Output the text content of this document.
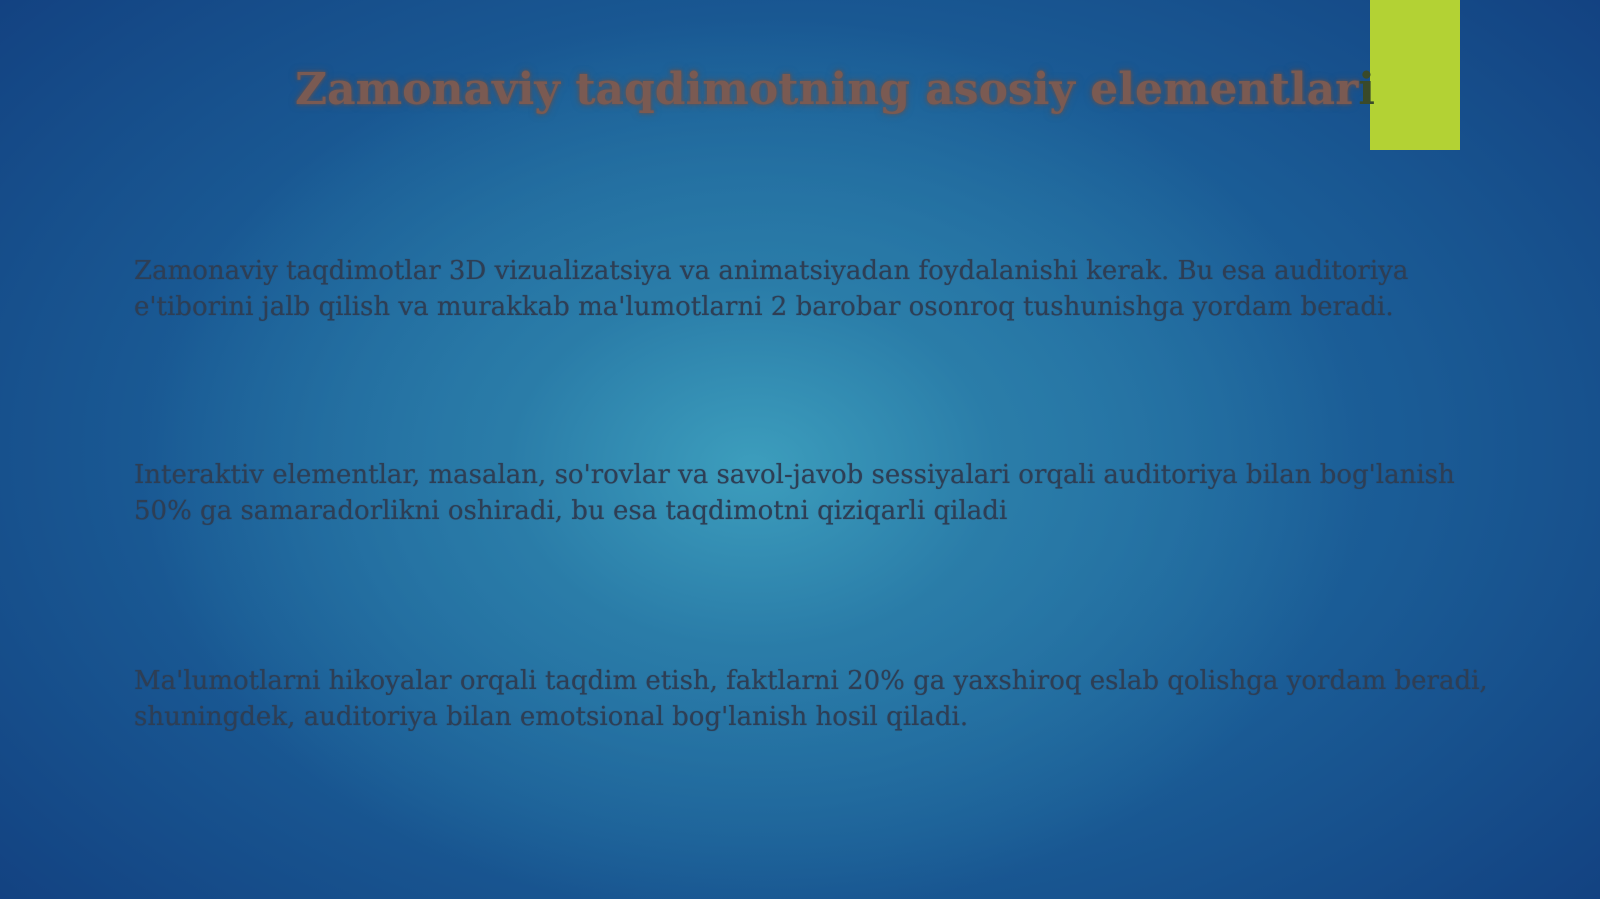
Zamonaviy taqdimotning asosiy elementlari
Zamonaviy taqdimotlar 3D vizualizatsiya va animatsiyadan foydalanishi kerak. Bu esa auditoriya e'tiborini jalb qilish va murakkab ma'lumotlarni 2 barobar osonroq tushunishga yordam beradi.
Interaktiv elementlar, masalan, so'rovlar va savol-javob sessiyalari orqali auditoriya bilan bog'lanish 50% ga samaradorlikni oshiradi, bu esa taqdimotni qiziqarli qiladi
Ma'lumotlarni hikoyalar orqali taqdim etish, faktlarni 20% ga yaxshiroq eslab qolishga yordam beradi, shuningdek, auditoriya bilan emotsional bog'lanish hosil qiladi.
